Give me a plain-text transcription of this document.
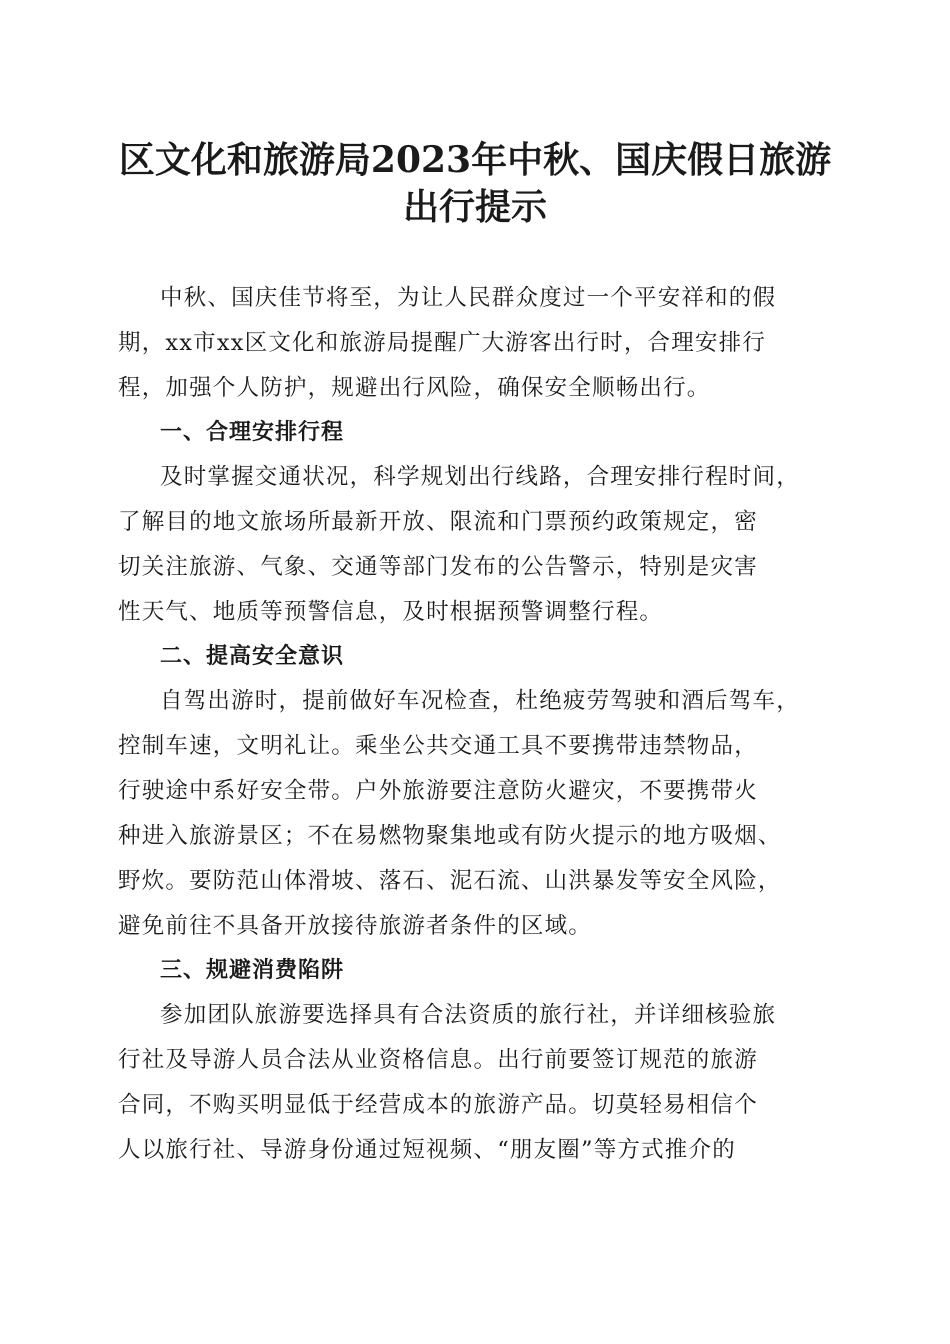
区文化和旅游局2023年中秋、国庆假日旅游
出行提示

中秋、国庆佳节将至，为让人民群众度过一个平安祥和的假

期，xx市xx区文化和旅游局提醒广大游客出行时，合理安排行

程，加强个人防护，规避出行风险，确保安全顺畅出行。

一、合理安排行程

及时掌握交通状况，科学规划出行线路，合理安排行程时间，

了解目的地文旅场所最新开放、限流和门票预约政策规定，密

切关注旅游、气象、交通等部门发布的公告警示，特别是灾害

性天气、地质等预警信息，及时根据预警调整行程。

二、提高安全意识

自驾出游时，提前做好车况检查，杜绝疲劳驾驶和酒后驾车，

控制车速，文明礼让。乘坐公共交通工具不要携带违禁物品，

行驶途中系好安全带。户外旅游要注意防火避灾，不要携带火

种进入旅游景区；不在易燃物聚集地或有防火提示的地方吸烟、

野炊。要防范山体滑坡、落石、泥石流、山洪暴发等安全风险，

避免前往不具备开放接待旅游者条件的区域。

三、规避消费陷阱

参加团队旅游要选择具有合法资质的旅行社，并详细核验旅

行社及导游人员合法从业资格信息。出行前要签订规范的旅游

合同，不购买明显低于经营成本的旅游产品。切莫轻易相信个

人以旅行社、导游身份通过短视频、“朋友圈”等方式推介的
